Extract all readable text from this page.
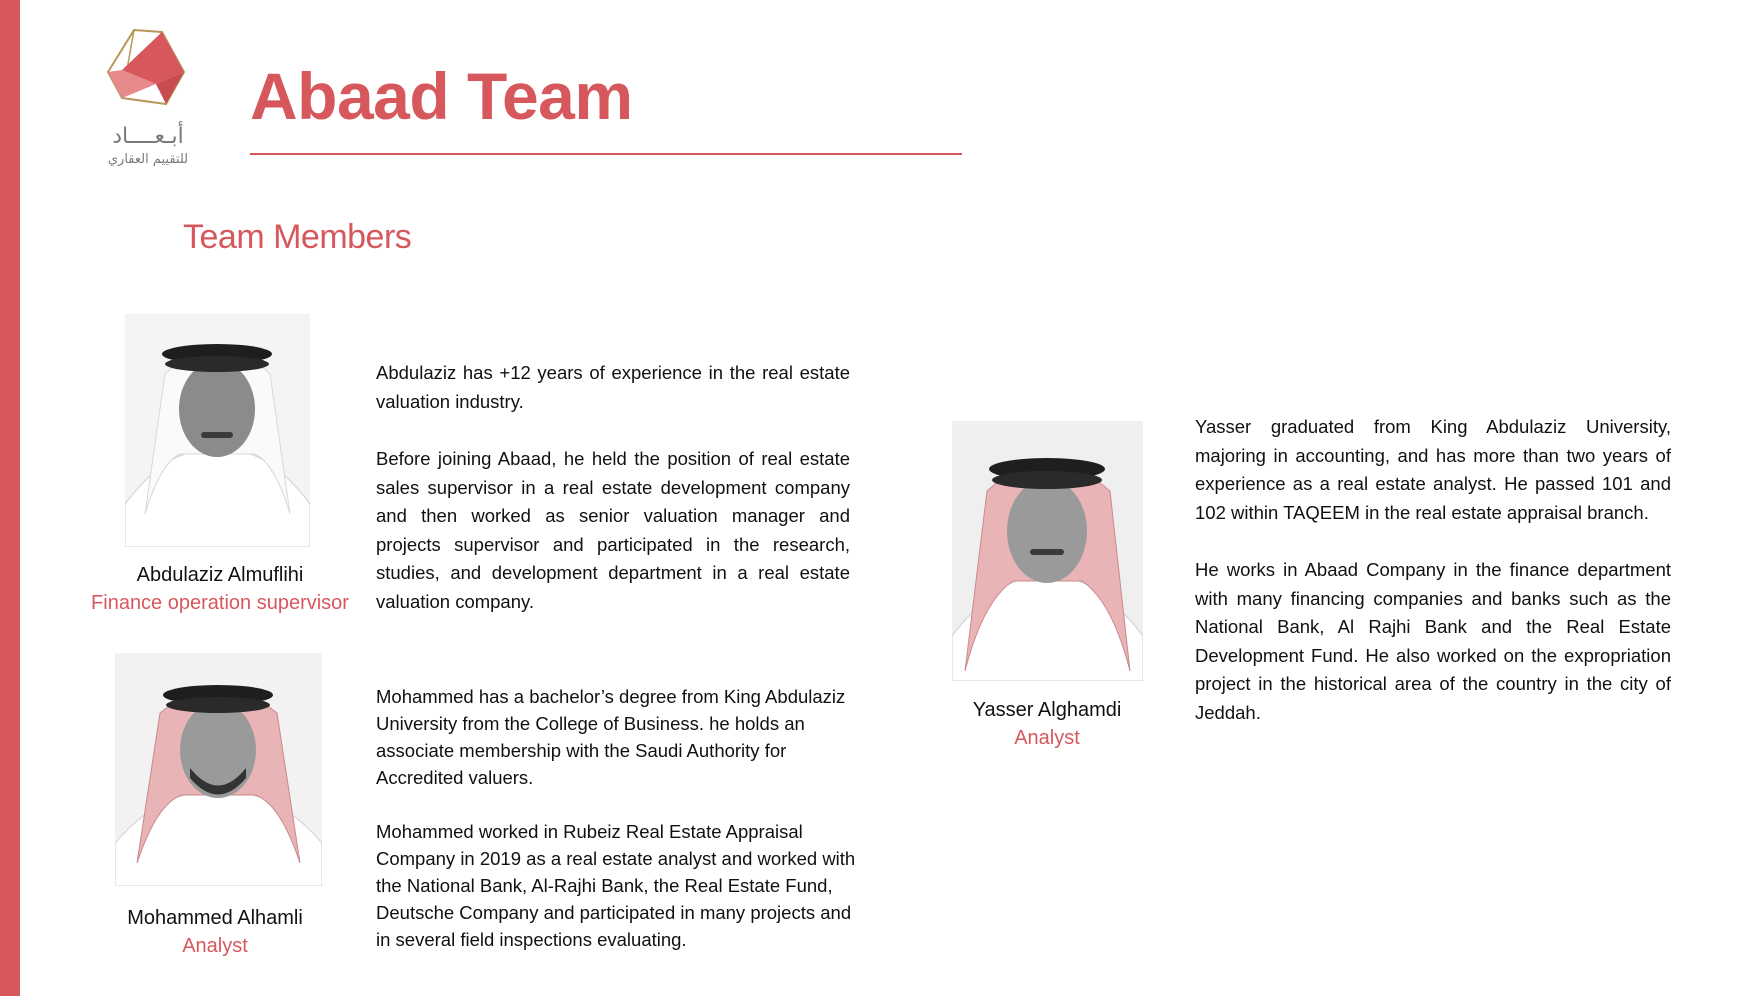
أبـعــــاد
للتقييم العقاري
Abaad Team
Team Members
Abdulaziz Almuflihi
Finance operation supervisor

Abdulaziz has +12 years of experience in the real estate valuation industry.

Before joining Abaad, he held the position of real estate sales supervisor in a real estate development company and then worked as senior valuation manager and projects supervisor and participated in the research, studies, and development department in a real estate valuation company.

Mohammed Alhamli
Analyst

Mohammed has a bachelor’s degree from King Abdulaziz University from the College of Business. he holds an associate membership with the Saudi Authority for Accredited valuers.

Mohammed worked in Rubeiz Real Estate Appraisal Company in 2019 as a real estate analyst and worked with the National Bank, Al-Rajhi Bank, the Real Estate Fund, Deutsche Company and participated in many projects and in several field inspections evaluating.

Yasser Alghamdi
Analyst

Yasser graduated from King Abdulaziz University, majoring in accounting, and has more than two years of experience as a real estate analyst. He passed 101 and 102 within TAQEEM in the real estate appraisal branch.

He works in Abaad Company in the finance department with many financing companies and banks such as the National Bank, Al Rajhi Bank and the Real Estate Development Fund. He also worked on the expropriation project in the historical area of the country in the city of Jeddah.
